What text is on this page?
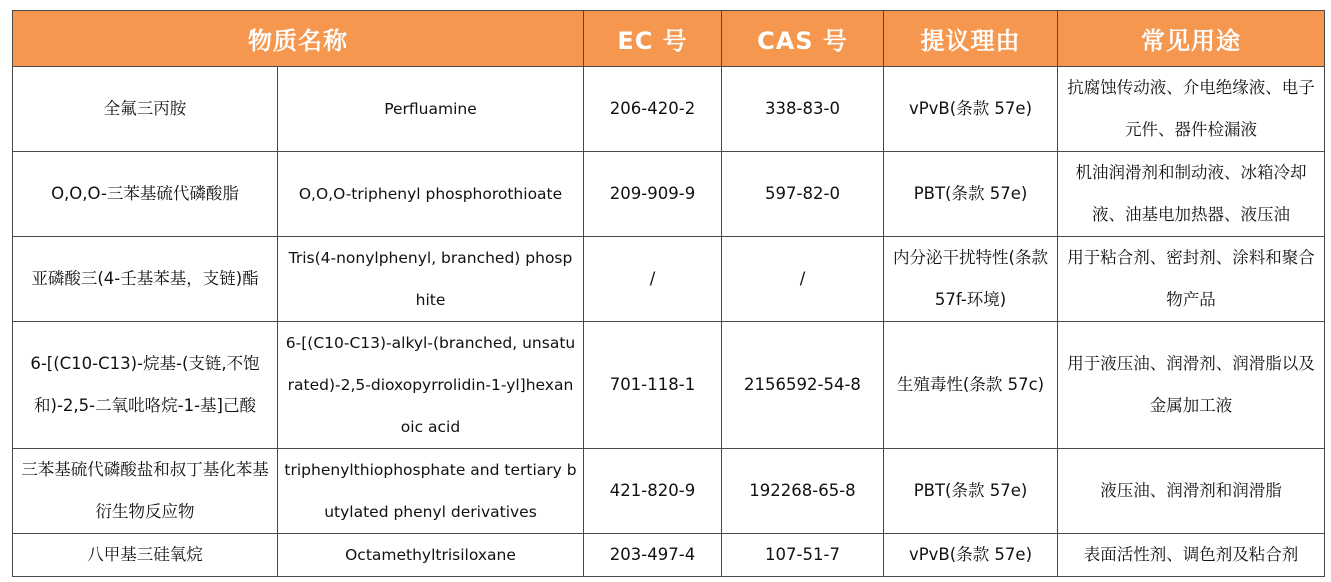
物质名称		EC 号	CAS 号	提议理由	常见用途
全氟三丙胺	Perfluamine	206-420-2	338-83-0	vPvB(条款 57e)	抗腐蚀传动液、介电绝缘液、电子元件、器件检漏液
O,O,O-三苯基硫代磷酸脂	O,O,O-triphenyl phosphorothioate	209-909-9	597-82-0	PBT(条款 57e)	机油润滑剂和制动液、冰箱冷却液、油基电加热器、液压油
亚磷酸三(4-壬基苯基，支链)酯	Tris(4-nonylphenyl, branched) phosphite	/	/	内分泌干扰特性(条款 57f-环境)	用于粘合剂、密封剂、涂料和聚合物产品
6-[(C10-C13)-烷基-(支链,不饱和)-2,5-二氧吡咯烷-1-基]己酸	6-[(C10-C13)-alkyl-(branched, unsaturated)-2,5-dioxopyrrolidin-1-yl]hexanoic acid	701-118-1	2156592-54-8	生殖毒性(条款 57c)	用于液压油、润滑剂、润滑脂以及金属加工液
三苯基硫代磷酸盐和叔丁基化苯基衍生物反应物	triphenylthiophosphate and tertiary butylated phenyl derivatives	421-820-9	192268-65-8	PBT(条款 57e)	液压油、润滑剂和润滑脂
八甲基三硅氧烷	Octamethyltrisiloxane	203-497-4	107-51-7	vPvB(条款 57e)	表面活性剂、调色剂及粘合剂
